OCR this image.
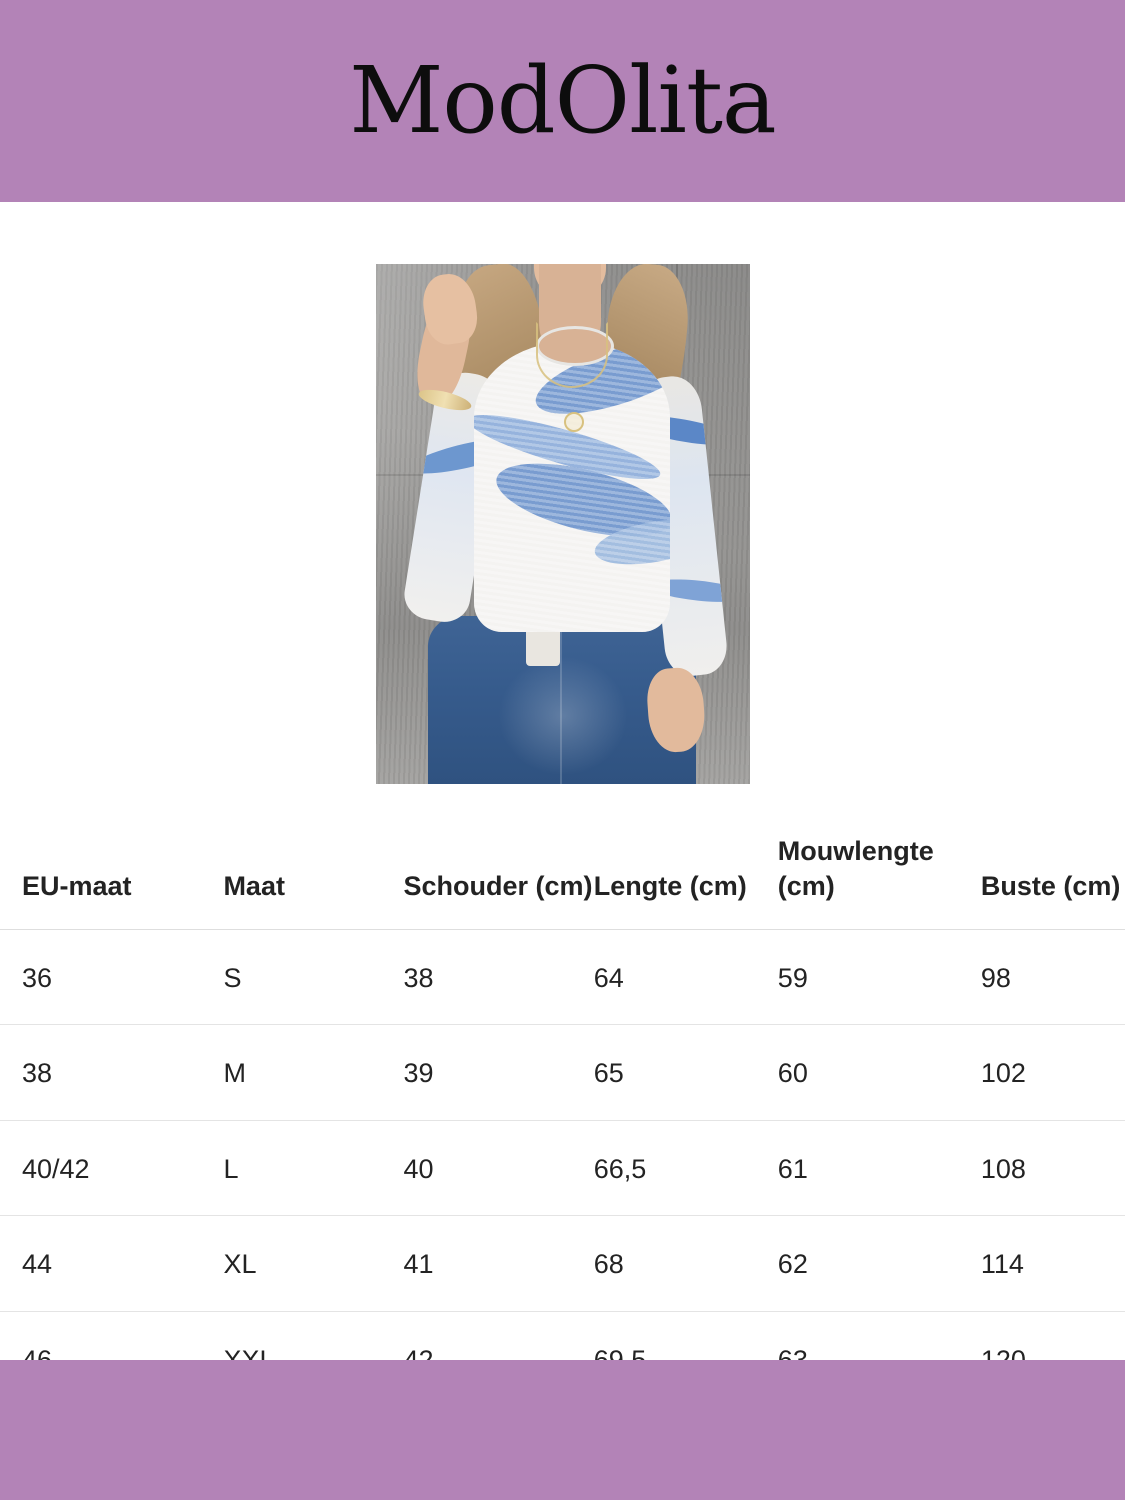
ModΟlita
EU-maat	Maat	Schouder (cm)	Lengte (cm)	Mouwlengte (cm)	Buste (cm)
36	S	38	64	59	98
38	M	39	65	60	102
40/42	L	40	66,5	61	108
44	XL	41	68	62	114
